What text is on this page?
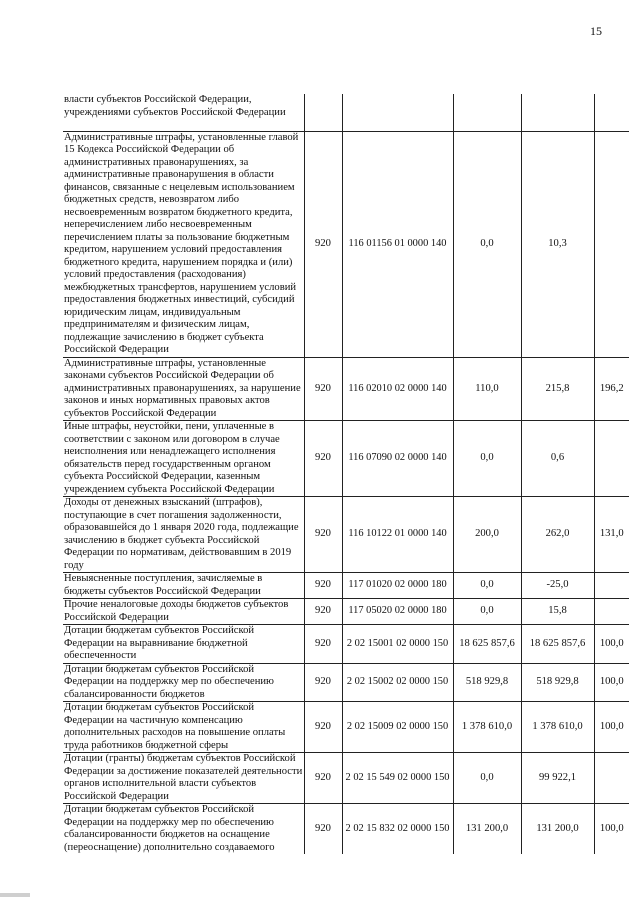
15
власти субъектов Российской Федерации, учреждениями субъектов Российской Федерации					
Административные штрафы, установленные главой 15 Кодекса Российской Федерации об административных правонарушениях, за административные правонарушения в области финансов, связанные с нецелевым использованием бюджетных средств, невозвратом либо несвоевременным возвратом бюджетного кредита, неперечислением либо несвоевременным перечислением платы за пользование бюджетным кредитом, нарушением условий предоставления бюджетного кредита, нарушением порядка и (или) условий предоставления (расходования) межбюджетных трансфертов, нарушением условий предоставления бюджетных инвестиций, субсидий юридическим лицам, индивидуальным предпринимателям и физическим лицам, подлежащие зачислению в бюджет субъекта Российской Федерации	920	116 01156 01 0000 140	0,0	10,3	
Административные штрафы, установленные законами субъектов Российской Федерации об административных правонарушениях, за нарушение законов и иных нормативных правовых актов субъектов Российской Федерации	920	116 02010 02 0000 140	110,0	215,8	196,2
Иные штрафы, неустойки, пени, уплаченные в соответствии с законом или договором в случае неисполнения или ненадлежащего исполнения обязательств перед государственным органом субъекта Российской Федерации, казенным учреждением субъекта Российской Федерации	920	116 07090 02 0000 140	0,0	0,6	
Доходы от денежных взысканий (штрафов), поступающие в счет погашения задолженности, образовавшейся до 1 января 2020 года, подлежащие зачислению в бюджет субъекта Российской Федерации по нормативам, действовавшим в 2019 году	920	116 10122 01 0000 140	200,0	262,0	131,0
Невыясненные поступления, зачисляемые в бюджеты субъектов Российской Федерации	920	117 01020 02 0000 180	0,0	-25,0	
Прочие неналоговые доходы бюджетов субъектов Российской Федерации	920	117 05020 02 0000 180	0,0	15,8	
Дотации бюджетам субъектов Российской Федерации на выравнивание бюджетной обеспеченности	920	2 02 15001 02 0000 150	18 625 857,6	18 625 857,6	100,0
Дотации бюджетам субъектов Российской Федерации на поддержку мер по обеспечению сбалансированности бюджетов	920	2 02 15002 02 0000 150	518 929,8	518 929,8	100,0
Дотации бюджетам субъектов Российской Федерации на частичную компенсацию дополнительных расходов на повышение оплаты труда работников бюджетной сферы	920	2 02 15009 02 0000 150	1 378 610,0	1 378 610,0	100,0
Дотации (гранты) бюджетам субъектов Российской Федерации за достижение показателей деятельности органов исполнительной власти субъектов Российской Федерации	920	2 02 15 549 02 0000 150	0,0	99 922,1	
Дотации бюджетам субъектов Российской Федерации на поддержку мер по обеспечению сбалансированности бюджетов на оснащение (переоснащение) дополнительно создаваемого	920	2 02 15 832 02 0000 150	131 200,0	131 200,0	100,0
